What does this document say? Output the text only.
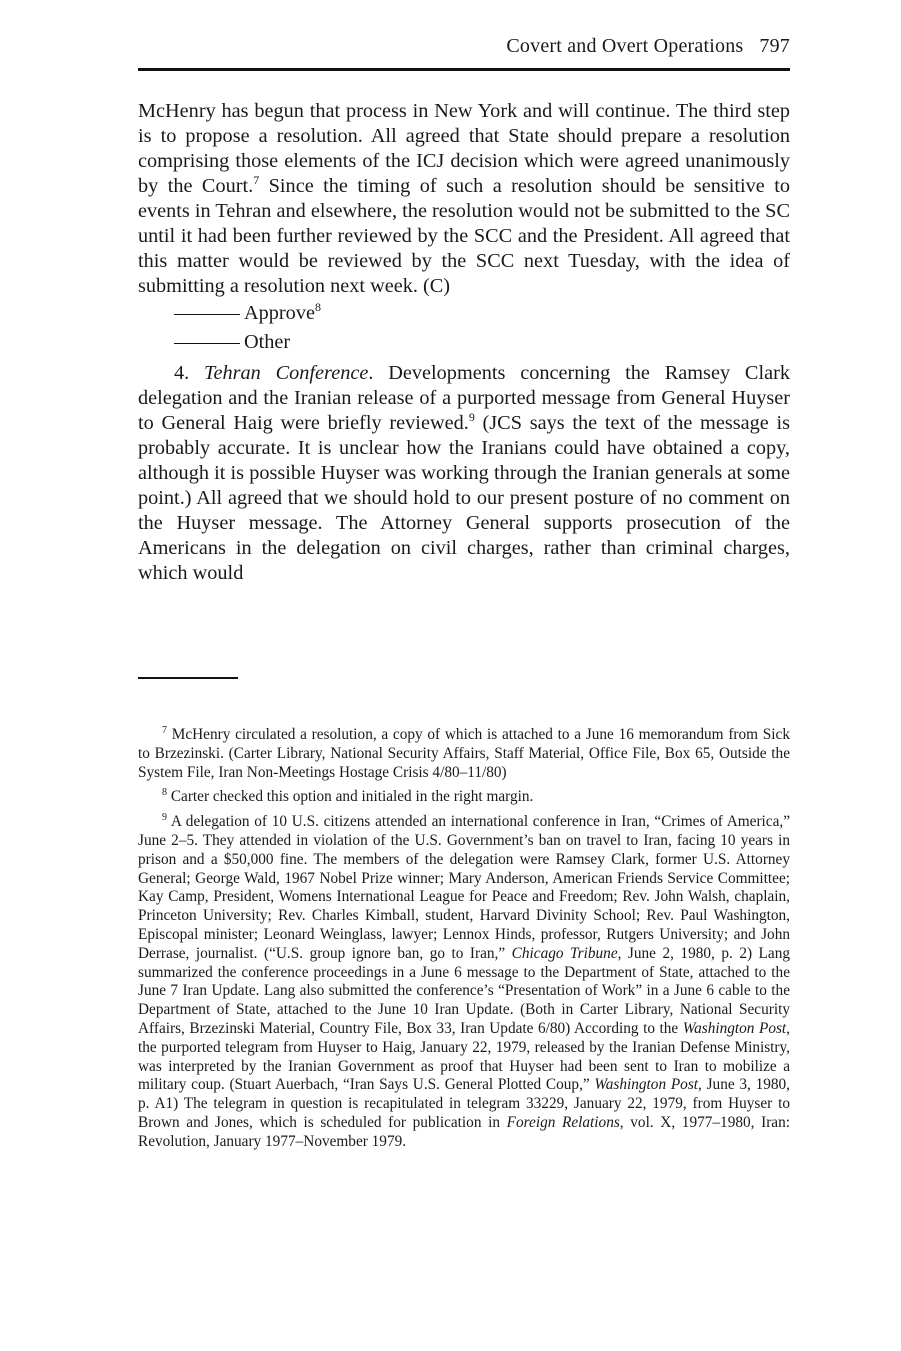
Covert and Overt Operations 797

McHenry has begun that process in New York and will continue. The third step is to propose a resolution. All agreed that State should prepare a resolution comprising those elements of the ICJ decision which were agreed unanimously by the Court.$^7$ Since the timing of such a resolution should be sensitive to events in Tehran and elsewhere, the resolution would not be submitted to the SC until it had been further reviewed by the SCC and the President. All agreed that this matter would be reviewed by the SCC next Tuesday, with the idea of submitting a resolution next week. (C)

Approve$^8$
Other

4. Tehran Conference. Developments concerning the Ramsey Clark delegation and the Iranian release of a purported message from General Huyser to General Haig were briefly reviewed.$^9$ (JCS says the text of the message is probably accurate. It is unclear how the Iranians could have obtained a copy, although it is possible Huyser was working through the Iranian generals at some point.) All agreed that we should hold to our present posture of no comment on the Huyser message. The Attorney General supports prosecution of the Americans in the delegation on civil charges, rather than criminal charges, which would

$^7$ McHenry circulated a resolution, a copy of which is attached to a June 16 memorandum from Sick to Brzezinski. (Carter Library, National Security Affairs, Staff Material, Office File, Box 65, Outside the System File, Iran Non-Meetings Hostage Crisis 4/80–11/80)

$^8$ Carter checked this option and initialed in the right margin.

$^9$ A delegation of 10 U.S. citizens attended an international conference in Iran, “Crimes of America,” June 2–5. They attended in violation of the U.S. Government’s ban on travel to Iran, facing 10 years in prison and a $50,000 fine. The members of the delegation were Ramsey Clark, former U.S. Attorney General; George Wald, 1967 Nobel Prize winner; Mary Anderson, American Friends Service Committee; Kay Camp, President, Womens International League for Peace and Freedom; Rev. John Walsh, chaplain, Princeton University; Rev. Charles Kimball, student, Harvard Divinity School; Rev. Paul Washington, Episcopal minister; Leonard Weinglass, lawyer; Lennox Hinds, professor, Rutgers University; and John Derrase, journalist. (“U.S. group ignore ban, go to Iran,” Chicago Tribune, June 2, 1980, p. 2) Lang summarized the conference proceedings in a June 6 message to the Department of State, attached to the June 7 Iran Update. Lang also submitted the conference’s “Presentation of Work” in a June 6 cable to the Department of State, attached to the June 10 Iran Update. (Both in Carter Library, National Security Affairs, Brzezinski Material, Country File, Box 33, Iran Update 6/80) According to the Washington Post, the purported telegram from Huyser to Haig, January 22, 1979, released by the Iranian Defense Ministry, was interpreted by the Iranian Government as proof that Huyser had been sent to Iran to mobilize a military coup. (Stuart Auerbach, “Iran Says U.S. General Plotted Coup,” Washington Post, June 3, 1980, p. A1) The telegram in question is recapitulated in telegram 33229, January 22, 1979, from Huyser to Brown and Jones, which is scheduled for publication in Foreign Relations, vol. X, 1977–1980, Iran: Revolution, January 1977–November 1979.
